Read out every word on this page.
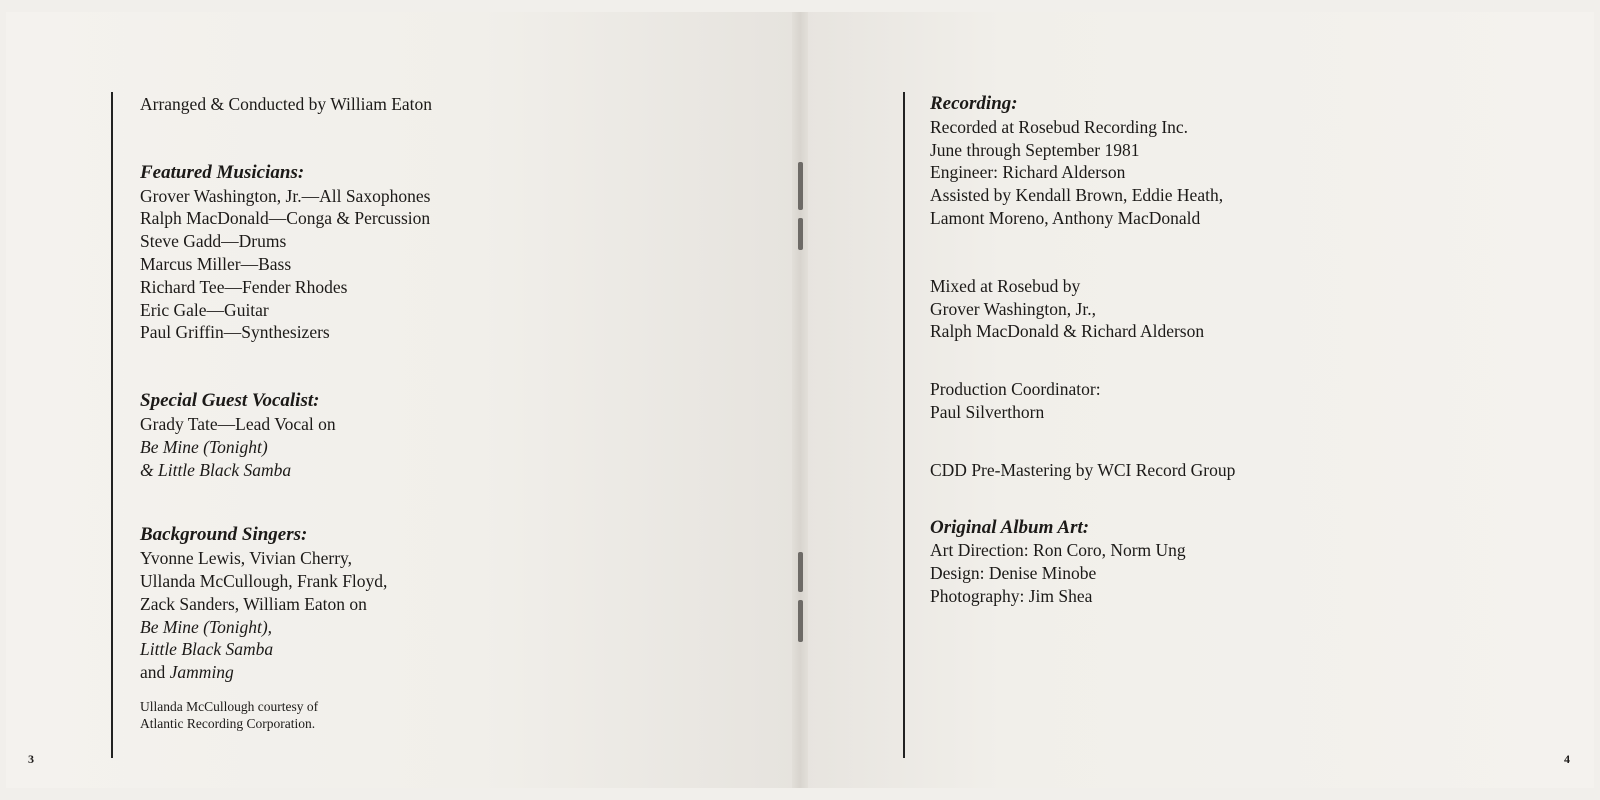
Arranged & Conducted by William Eaton
Featured Musicians:
Grover Washington, Jr.—All Saxophones
Ralph MacDonald—Conga & Percussion
Steve Gadd—Drums
Marcus Miller—Bass
Richard Tee—Fender Rhodes
Eric Gale—Guitar
Paul Griffin—Synthesizers
Special Guest Vocalist:
Grady Tate—Lead Vocal on
Be Mine (Tonight)
& Little Black Samba
Background Singers:
Yvonne Lewis, Vivian Cherry,
Ullanda McCullough, Frank Floyd,
Zack Sanders, William Eaton on
Be Mine (Tonight),
Little Black Samba
and Jamming
Ullanda McCullough courtesy of
Atlantic Recording Corporation.
3
Recording:
Recorded at Rosebud Recording Inc.
June through September 1981
Engineer: Richard Alderson
Assisted by Kendall Brown, Eddie Heath,
Lamont Moreno, Anthony MacDonald
Mixed at Rosebud by
Grover Washington, Jr.,
Ralph MacDonald & Richard Alderson
Production Coordinator:
Paul Silverthorn
CDD Pre-Mastering by WCI Record Group
Original Album Art:
Art Direction: Ron Coro, Norm Ung
Design: Denise Minobe
Photography: Jim Shea
4
